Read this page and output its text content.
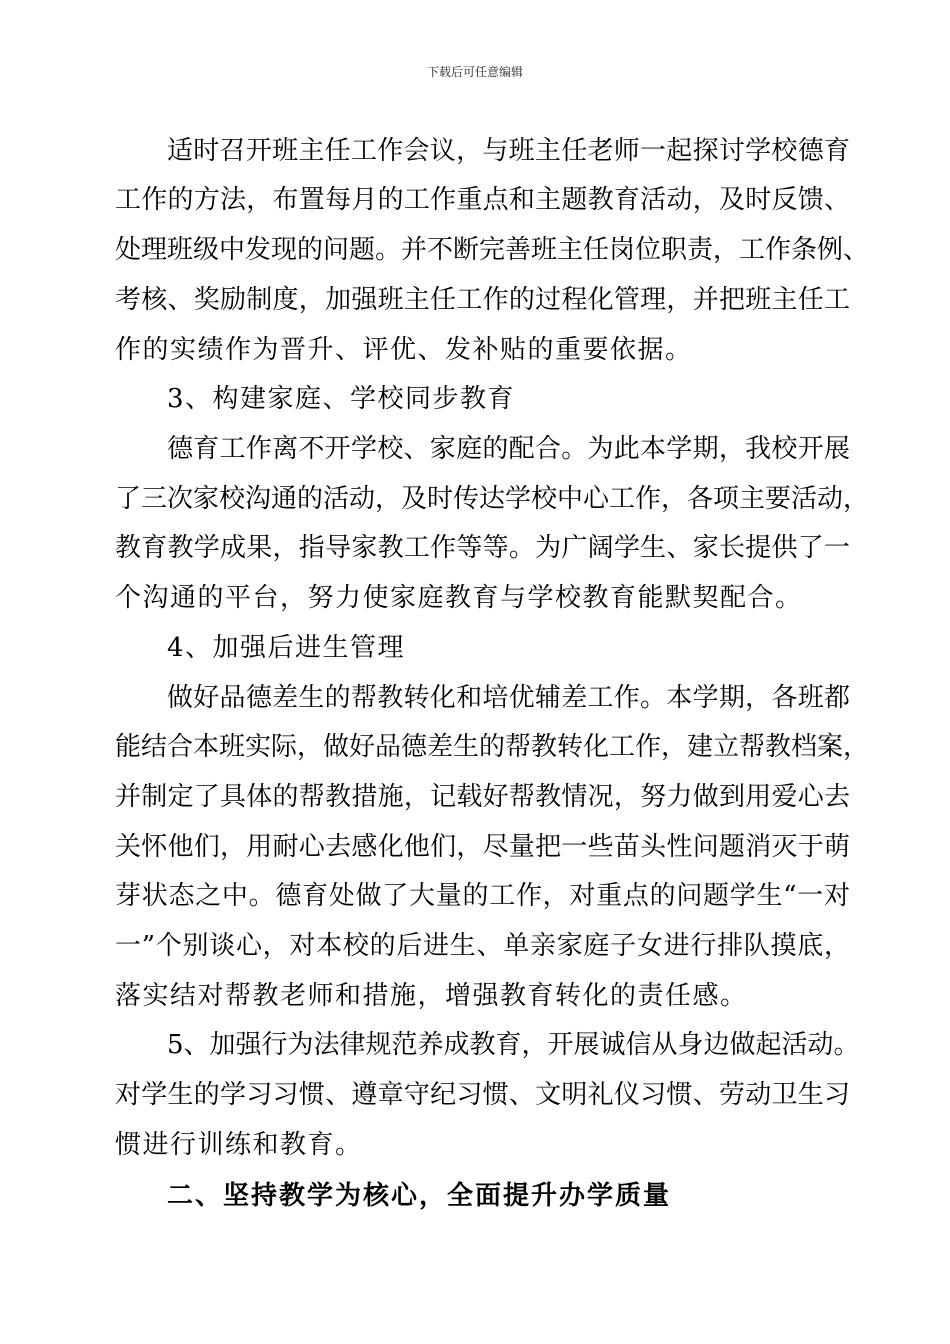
下载后可任意编辑
适时召开班主任工作会议，与班主任老师一起探讨学校德育
工作的方法，布置每月的工作重点和主题教育活动，及时反馈、
处理班级中发现的问题。并不断完善班主任岗位职责，工作条例、
考核、奖励制度，加强班主任工作的过程化管理，并把班主任工
作的实绩作为晋升、评优、发补贴的重要依据。
3、构建家庭、学校同步教育
德育工作离不开学校、家庭的配合。为此本学期，我校开展
了三次家校沟通的活动，及时传达学校中心工作，各项主要活动，
教育教学成果，指导家教工作等等。为广阔学生、家长提供了一
个沟通的平台，努力使家庭教育与学校教育能默契配合。
4、加强后进生管理
做好品德差生的帮教转化和培优辅差工作。本学期，各班都
能结合本班实际，做好品德差生的帮教转化工作，建立帮教档案，
并制定了具体的帮教措施，记载好帮教情况，努力做到用爱心去
关怀他们，用耐心去感化他们，尽量把一些苗头性问题消灭于萌
芽状态之中。德育处做了大量的工作，对重点的问题学生“一对
一”个别谈心，对本校的后进生、单亲家庭子女进行排队摸底，
落实结对帮教老师和措施，增强教育转化的责任感。
5、加强行为法律规范养成教育，开展诚信从身边做起活动。
对学生的学习习惯、遵章守纪习惯、文明礼仪习惯、劳动卫生习
惯进行训练和教育。
二、坚持教学为核心，全面提升办学质量
